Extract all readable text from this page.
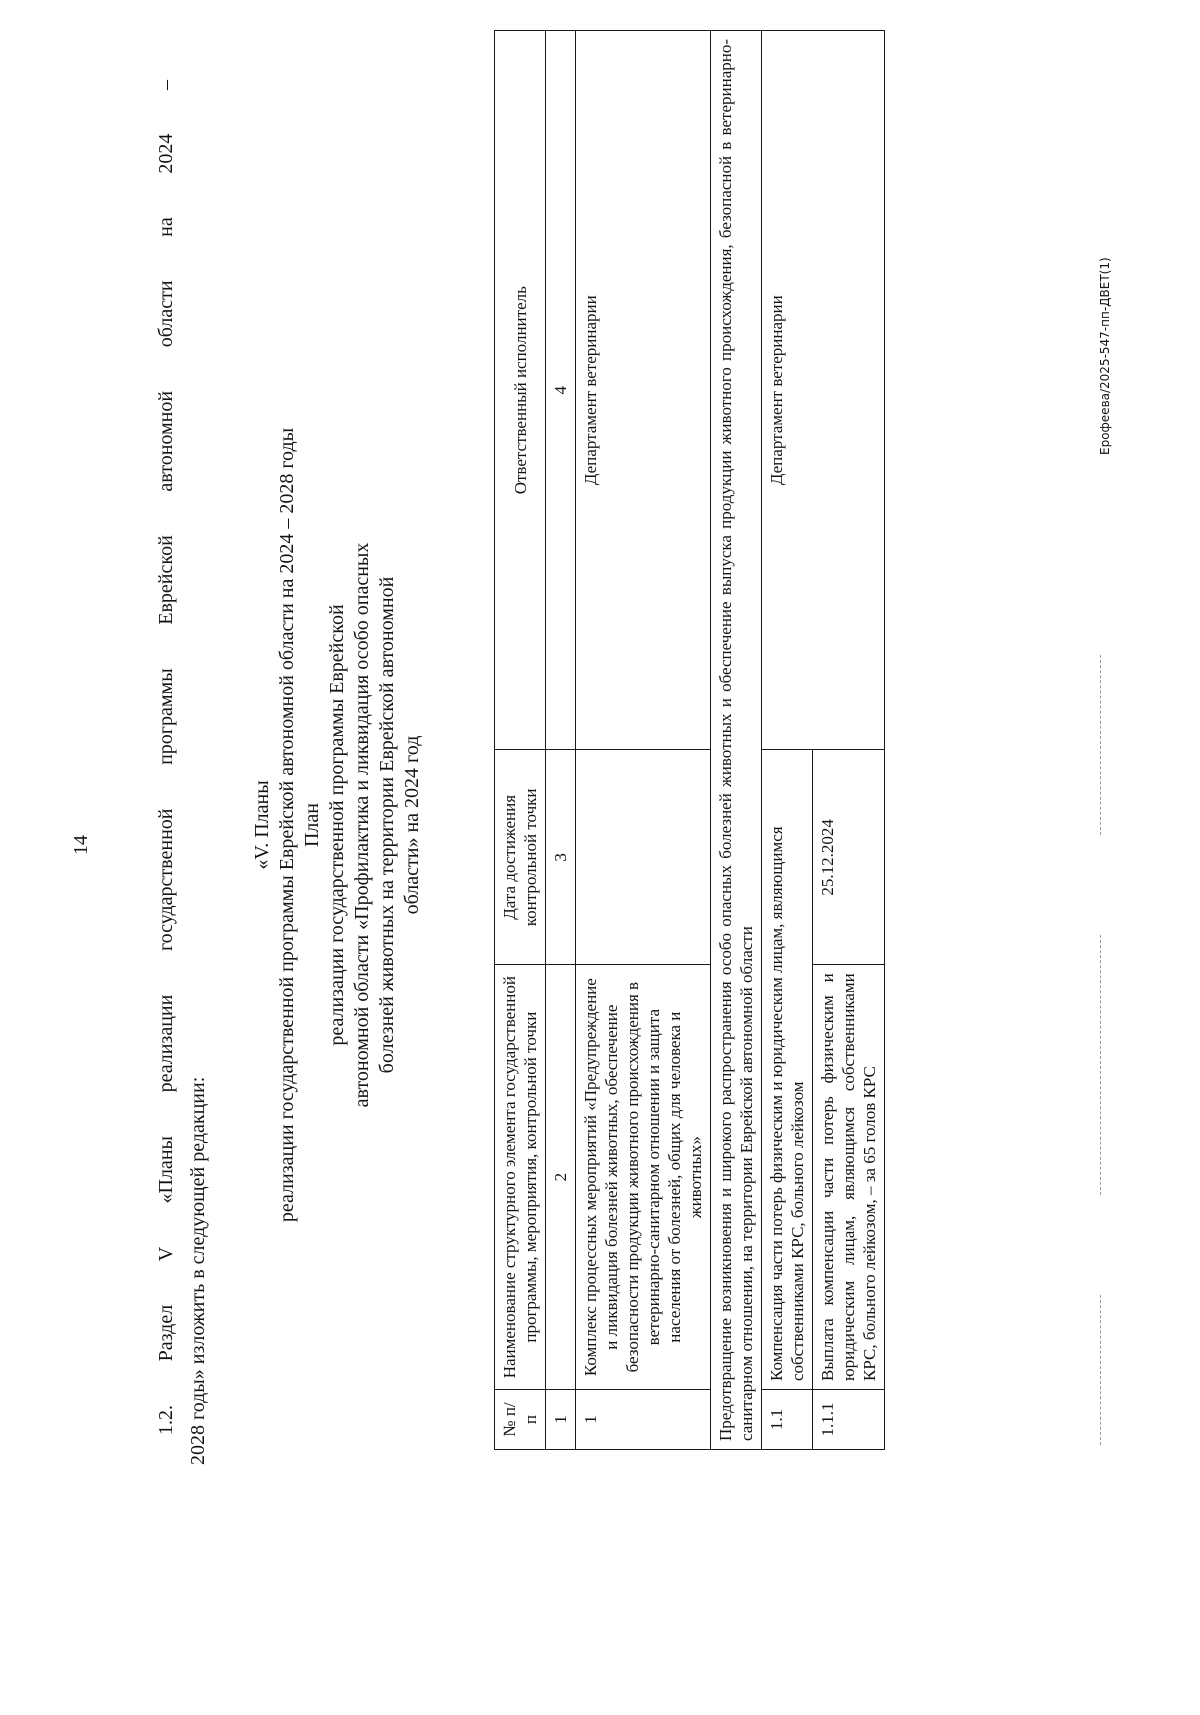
14	1.2. Раздел V «Планы реализации государственной программы Еврейской автономной области на 2024 – 2028 годы» изложить в следующей редакции:
«V. Планы реализации государственной программы Еврейской автономной области на 2024 – 2028 годы План реализации государственной программы Еврейской автономной области «Профилактика и ликвидация особо опасных болезней животных на территории Еврейской автономной области» на 2024 год
№ п/п	Наименование структурного элемента государственной программы, мероприятия, контрольной точки	Дата достижения контрольной точки	Ответственный исполнитель
1	2	3	4
1	Комплекс процессных мероприятий «Предупреждение и ликвидация болезней животных, обеспечение безопасности продукции животного происхождения в ветеринарно-санитарном отношении и защита населения от болезней, общих для человека и животных»		Департамент ветеринарии
Предотвращение возникновения и широкого распространения особо опасных болезней животных и обеспечение выпуска продукции животного происхождения, безопасной в ветеринарно-санитарном отношении, на территории Еврейской автономной области			
1.1	Компенсация части потерь физическим и юридическим лицам, являющимся собственниками КРС, больного лейкозом		Департамент ветеринарии
1.1.1	Выплата компенсации части потерь физическим и юридическим лицам, являющимся собственниками КРС, больного лейкозом, – за 65 голов КРС	25.12.2024	
Ерофеева/2025-547-пп-ДВЕТ(1)
